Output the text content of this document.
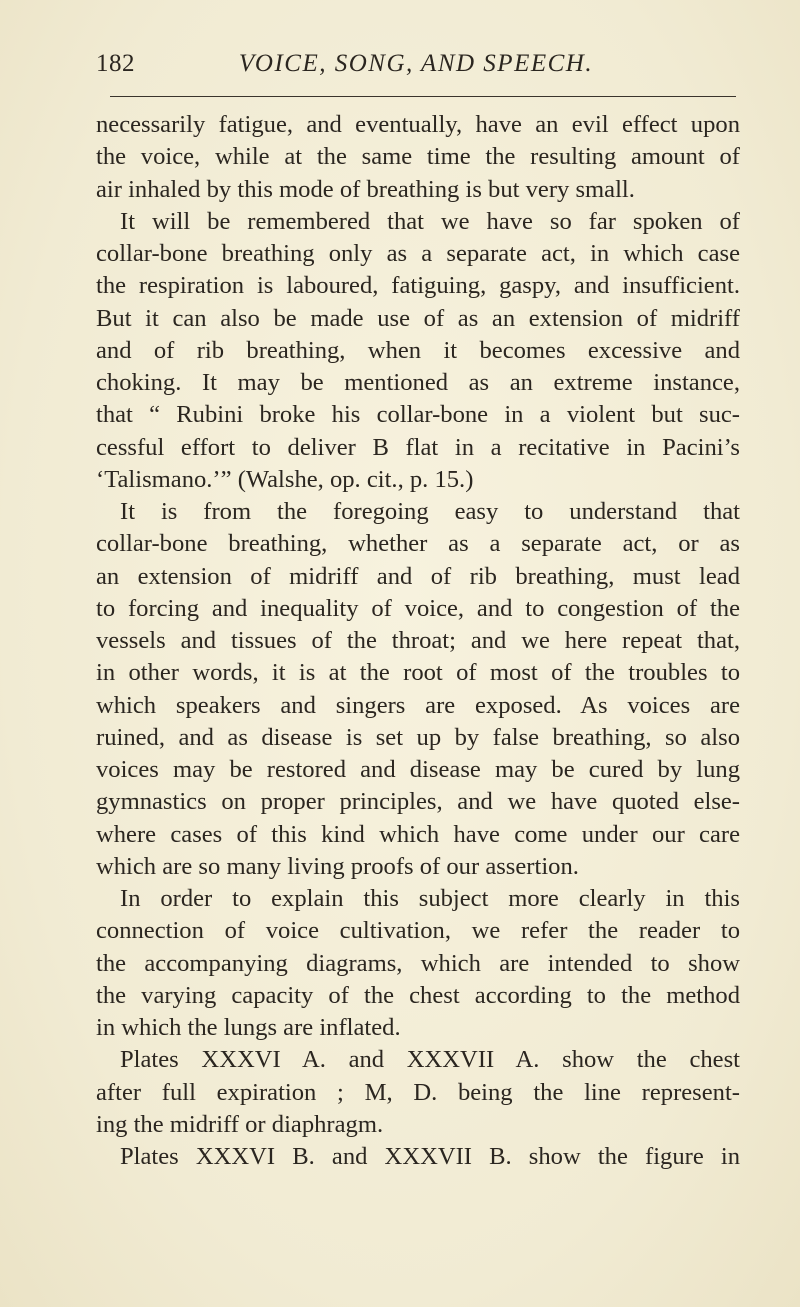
182	VOICE, SONG, AND SPEECH.
necessarily fatigue, and eventually, have an evil effect upon
the voice, while at the same time the resulting amount of
air inhaled by this mode of breathing is but very small.
It will be remembered that we have so far spoken of
collar-bone breathing only as a separate act, in which case
the respiration is laboured, fatiguing, gaspy, and insufficient.
But it can also be made use of as an extension of midriff
and of rib breathing, when it becomes excessive and
choking. It may be mentioned as an extreme instance,
that “ Rubini broke his collar-bone in a violent but suc-
cessful effort to deliver B flat in a recitative in Pacini’s
‘Talismano.’” (Walshe, op. cit., p. 15.)
It is from the foregoing easy to understand that
collar-bone breathing, whether as a separate act, or as
an extension of midriff and of rib breathing, must lead
to forcing and inequality of voice, and to congestion of the
vessels and tissues of the throat; and we here repeat that,
in other words, it is at the root of most of the troubles to
which speakers and singers are exposed. As voices are
ruined, and as disease is set up by false breathing, so also
voices may be restored and disease may be cured by lung
gymnastics on proper principles, and we have quoted else-
where cases of this kind which have come under our care
which are so many living proofs of our assertion.
In order to explain this subject more clearly in this
connection of voice cultivation, we refer the reader to
the accompanying diagrams, which are intended to show
the varying capacity of the chest according to the method
in which the lungs are inflated.
Plates XXXVI A. and XXXVII A. show the chest
after full expiration ; M, D. being the line represent-
ing the midriff or diaphragm.
Plates XXXVI B. and XXXVII B. show the figure in
